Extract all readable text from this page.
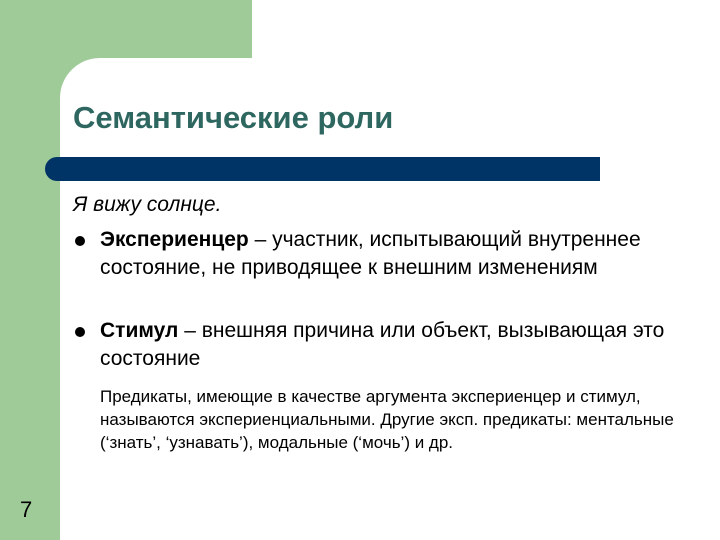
Семантические роли
Я вижу солнце.
Экспериенцер – участник, испытывающий внутреннее состояние, не приводящее к внешним изменениям
Стимул – внешняя причина или объект, вызывающая это состояние
Предикаты, имеющие в качестве аргумента экспериенцер и стимул, называются экспериенциальными. Другие эксп. предикаты: ментальные (‘знать’, ‘узнавать’), модальные (‘мочь’) и др.
7
